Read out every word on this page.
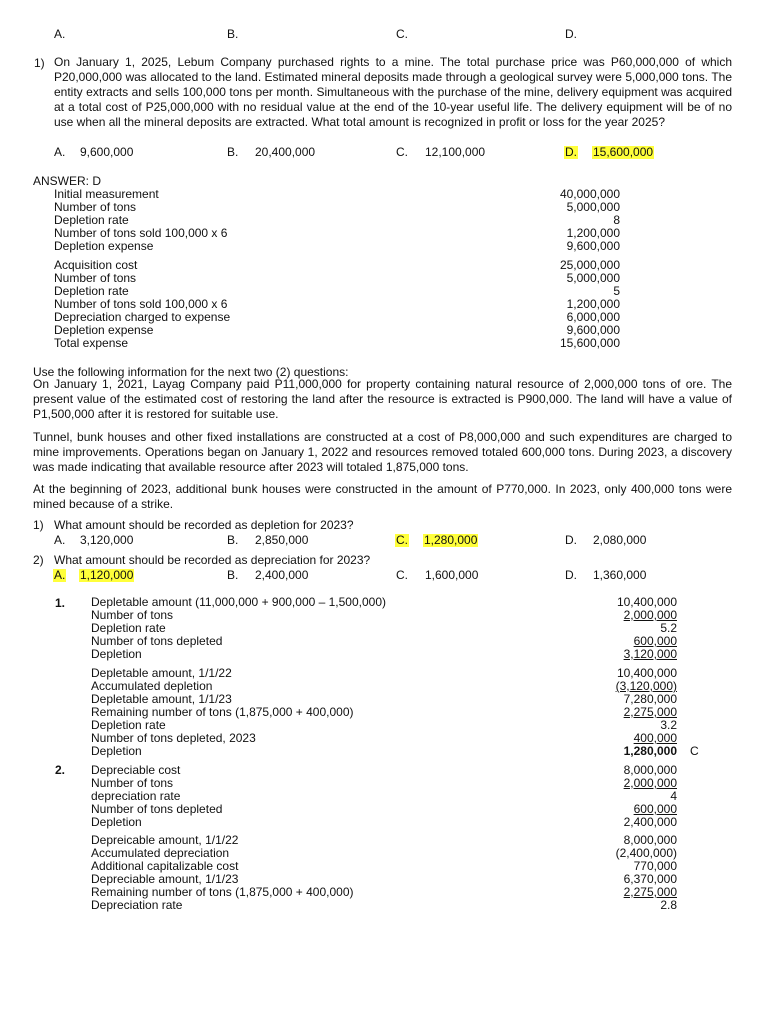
A.	B.	C.	D.
1) On January 1, 2025, Lebum Company purchased rights to a mine. The total purchase price was P60,000,000 of which P20,000,000 was allocated to the land. Estimated mineral deposits made through a geological survey were 5,000,000 tons. The entity extracts and sells 100,000 tons per month. Simultaneous with the purchase of the mine, delivery equipment was acquired at a total cost of P25,000,000 with no residual value at the end of the 10-year useful life. The delivery equipment will be of no use when all the mineral deposits are extracted. What total amount is recognized in profit or loss for the year 2025?
A. 9,600,000	B. 20,400,000	C. 12,100,000	D. 15,600,000
ANSWER: D
Initial measurement	40,000,000
Number of tons	5,000,000
Depletion rate	8
Number of tons sold 100,000 x 6	1,200,000
Depletion expense	9,600,000
Acquisition cost	25,000,000
Number of tons	5,000,000
Depletion rate	5
Number of tons sold 100,000 x 6	1,200,000
Depreciation charged to expense	6,000,000
Depletion expense	9,600,000
Total expense	15,600,000
Use the following information for the next two (2) questions:
On January 1, 2021, Layag Company paid P11,000,000 for property containing natural resource of 2,000,000 tons of ore. The present value of the estimated cost of restoring the land after the resource is extracted is P900,000. The land will have a value of P1,500,000 after it is restored for suitable use.
Tunnel, bunk houses and other fixed installations are constructed at a cost of P8,000,000 and such expenditures are charged to mine improvements. Operations began on January 1, 2022 and resources removed totaled 600,000 tons. During 2023, a discovery was made indicating that available resource after 2023 will totaled 1,875,000 tons.
At the beginning of 2023, additional bunk houses were constructed in the amount of P770,000. In 2023, only 400,000 tons were mined because of a strike.
1) What amount should be recorded as depletion for 2023?
A. 3,120,000	B. 2,850,000	C. 1,280,000	D. 2,080,000
2) What amount should be recorded as depreciation for 2023?
A. 1,120,000	B. 2,400,000	C. 1,600,000	D. 1,360,000
1. Depletable amount (11,000,000 + 900,000 – 1,500,000)	10,400,000
Number of tons	2,000,000
Depletion rate	5.2
Number of tons depleted	600,000
Depletion	3,120,000
Depletable amount, 1/1/22	10,400,000
Accumulated depletion	(3,120,000)
Depletable amount, 1/1/23	7,280,000
Remaining number of tons (1,875,000 + 400,000)	2,275,000
Depletion rate	3.2
Number of tons depleted, 2023	400,000
Depletion	1,280,000 C
2. Depreciable cost	8,000,000
Number of tons	2,000,000
depreciation rate	4
Number of tons depleted	600,000
Depletion	2,400,000
Depreicable amount, 1/1/22	8,000,000
Accumulated depreciation	(2,400,000)
Additional capitalizable cost	770,000
Depreciable amount, 1/1/23	6,370,000
Remaining number of tons (1,875,000 + 400,000)	2,275,000
Depreciation rate	2.8
